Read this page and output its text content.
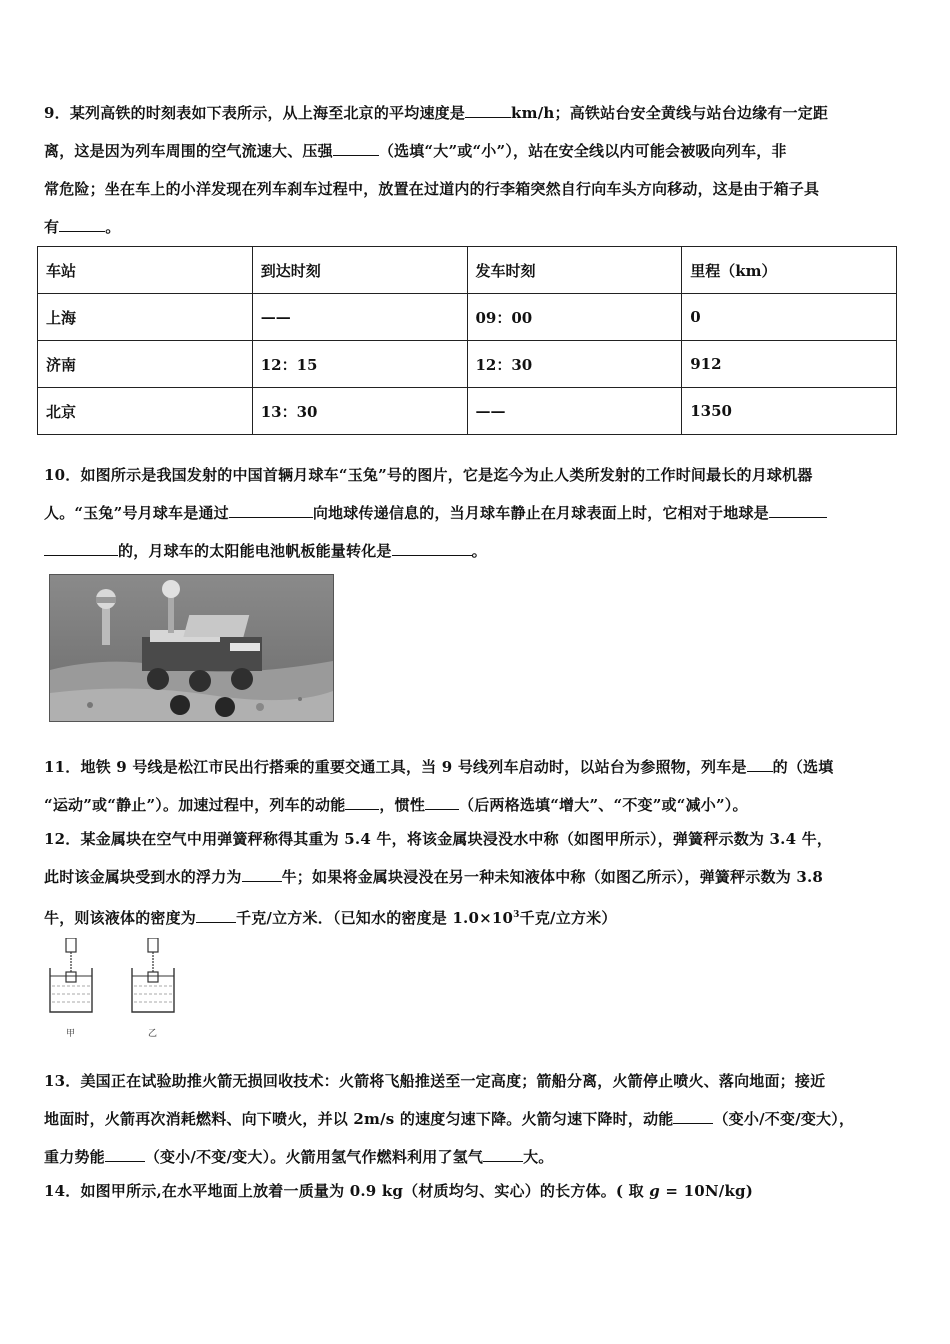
9．某列高铁的时刻表如下表所示，从上海至北京的平均速度是	km/h；高铁站台安全黄线与站台边缘有一定距
离，这是因为列车周围的空气流速大、压强	（选填“大”或“小”），站在安全线以内可能会被吸向列车，非
常危险；坐在车上的小洋发现在列车刹车过程中，放置在过道内的行李箱突然自行向车头方向移动，这是由于箱子具
有	。
车站	到达时刻	发车时刻	里程（km）
上海	——	09：00	0
济南	12：15	12：30	912
北京	13：30	——	1350
10．如图所示是我国发射的中国首辆月球车“玉兔”号的图片，它是迄今为止人类所发射的工作时间最长的月球机器
人。“玉兔”号月球车是通过	向地球传递信息的，当月球车静止在月球表面上时，它相对于地球是
的，月球车的太阳能电池帆板能量转化是	。
11．地铁 9 号线是松江市民出行搭乘的重要交通工具，当 9 号线列车启动时，以站台为参照物，列车是 的（选填
“运动”或“静止”）。加速过程中，列车的动能 ，惯性 （后两格选填“增大”、“不变”或“减小”）。
12．某金属块在空气中用弹簧秤称得其重为 5.4 牛，将该金属块浸没水中称（如图甲所示），弹簧秤示数为 3.4 牛，
此时该金属块受到水的浮力为	牛；如果将金属块浸没在另一种未知液体中称（如图乙所示），弹簧秤示数为 3.8
牛，则该液体的密度为	千克/立方米．（已知水的密度是 $1.0\times 10^3$千克/立方米）
甲	乙
13．美国正在试验助推火箭无损回收技术：火箭将飞船推送至一定高度；箭船分离，火箭停止喷火、落向地面；接近
地面时，火箭再次消耗燃料、向下喷火，并以 2m/s 的速度匀速下降。火箭匀速下降时，动能	（变小/不变/变大），
重力势能	（变小/不变/变大）。火箭用氢气作燃料利用了氢气	大。
14．如图甲所示,在水平地面上放着一质量为 0.9 kg（材质均匀、实心）的长方体。( 取 g = 10N/kg)
